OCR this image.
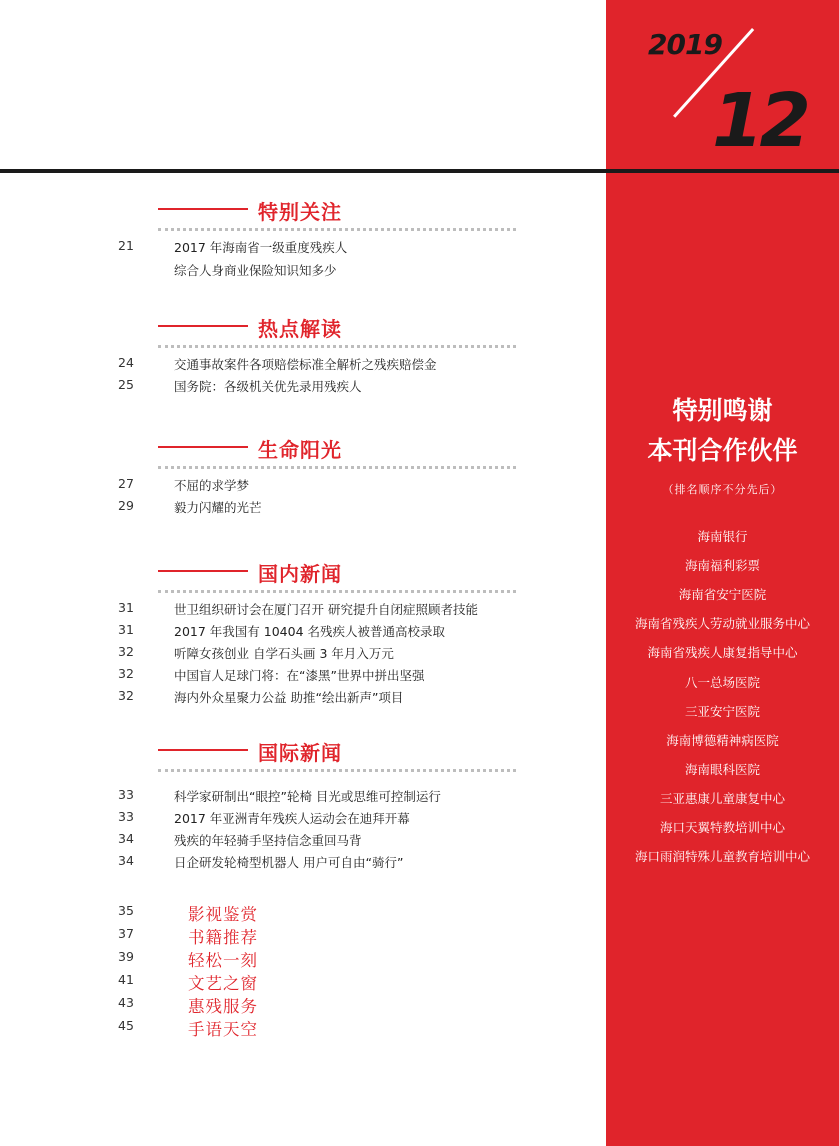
2019
12
特别关注
21	2017 年海南省一级重度残疾人
综合人身商业保险知识知多少
热点解读
24	交通事故案件各项赔偿标准全解析之残疾赔偿金
25	国务院：各级机关优先录用残疾人
生命阳光
27	不屈的求学梦
29	毅力闪耀的光芒
国内新闻
31	世卫组织研讨会在厦门召开 研究提升自闭症照顾者技能
31	2017 年我国有 10404 名残疾人被普通高校录取
32	听障女孩创业 自学石头画 3 年月入万元
32	中国盲人足球门将：在“漆黑”世界中拼出坚强
32	海内外众星聚力公益 助推“绘出新声”项目
国际新闻
33	科学家研制出“眼控”轮椅 目光或思维可控制运行
33	2017 年亚洲青年残疾人运动会在迪拜开幕
34	残疾的年轻骑手坚持信念重回马背
34	日企研发轮椅型机器人 用户可自由“骑行”
35	影视鉴赏
37	书籍推荐
39	轻松一刻
41	文艺之窗
43	惠残服务
45	手语天空
特别鸣谢
本刊合作伙伴
（排名顺序不分先后）
海南银行
海南福利彩票
海南省安宁医院
海南省残疾人劳动就业服务中心
海南省残疾人康复指导中心
八一总场医院
三亚安宁医院
海南博德精神病医院
海南眼科医院
三亚惠康儿童康复中心
海口天翼特教培训中心
海口雨润特殊儿童教育培训中心
